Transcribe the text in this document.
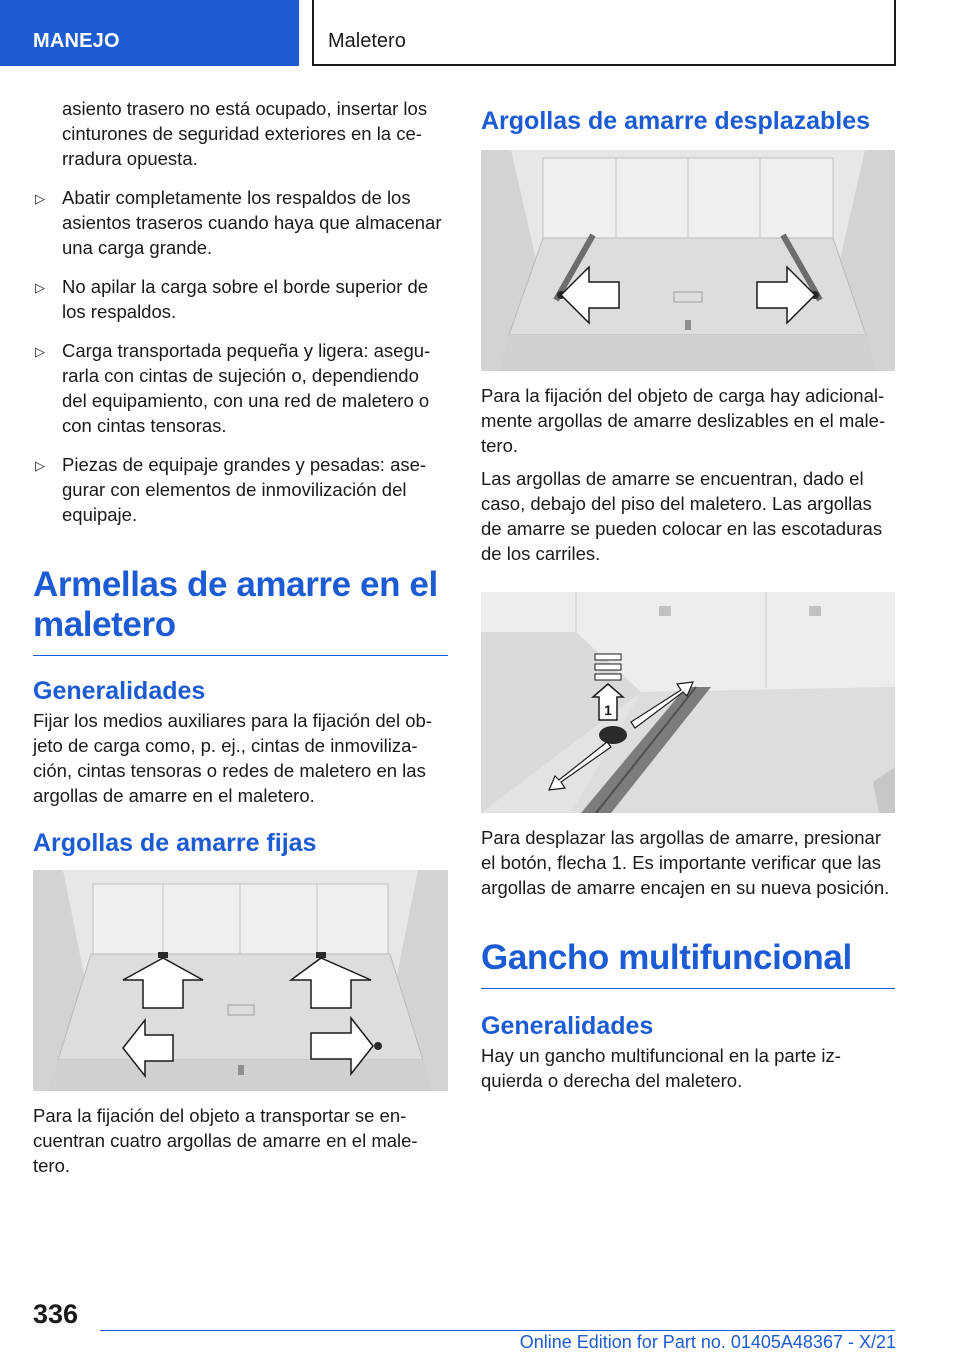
MANEJO	Maletero

asiento trasero no está ocupado, insertar los cinturones de seguridad exteriores en la ce-rradura opuesta.

▷ Abatir completamente los respaldos de los asientos traseros cuando haya que almacenar una carga grande.
▷ No apilar la carga sobre el borde superior de los respaldos.
▷ Carga transportada pequeña y ligera: asegu-rarla con cintas de sujeción o, dependiendo del equipamiento, con una red de maletero o con cintas tensoras.
▷ Piezas de equipaje grandes y pesadas: ase-gurar con elementos de inmovilización del equipaje.
Armellas de amarre en el maletero
Generalidades

Fijar los medios auxiliares para la fijación del ob-jeto de carga como, p. ej., cintas de inmoviliza-ción, cintas tensoras o redes de maletero en las argollas de amarre en el maletero.

Argollas de amarre fijas

Para la fijación del objeto a transportar se en-cuentran cuatro argollas de amarre en el male-tero.

Argollas de amarre desplazables

Para la fijación del objeto de carga hay adicional-mente argollas de amarre deslizables en el male-tero.

Las argollas de amarre se encuentran, dado el caso, debajo del piso del maletero. Las argollas de amarre se pueden colocar en las escotaduras de los carriles.

1

Para desplazar las argollas de amarre, presionar el botón, flecha 1. Es importante verificar que las argollas de amarre encajen en su nueva posición.

Gancho multifuncional
Generalidades

Hay un gancho multifuncional en la parte iz-quierda o derecha del maletero.

336
Online Edition for Part no. 01405A48367 - X/21
